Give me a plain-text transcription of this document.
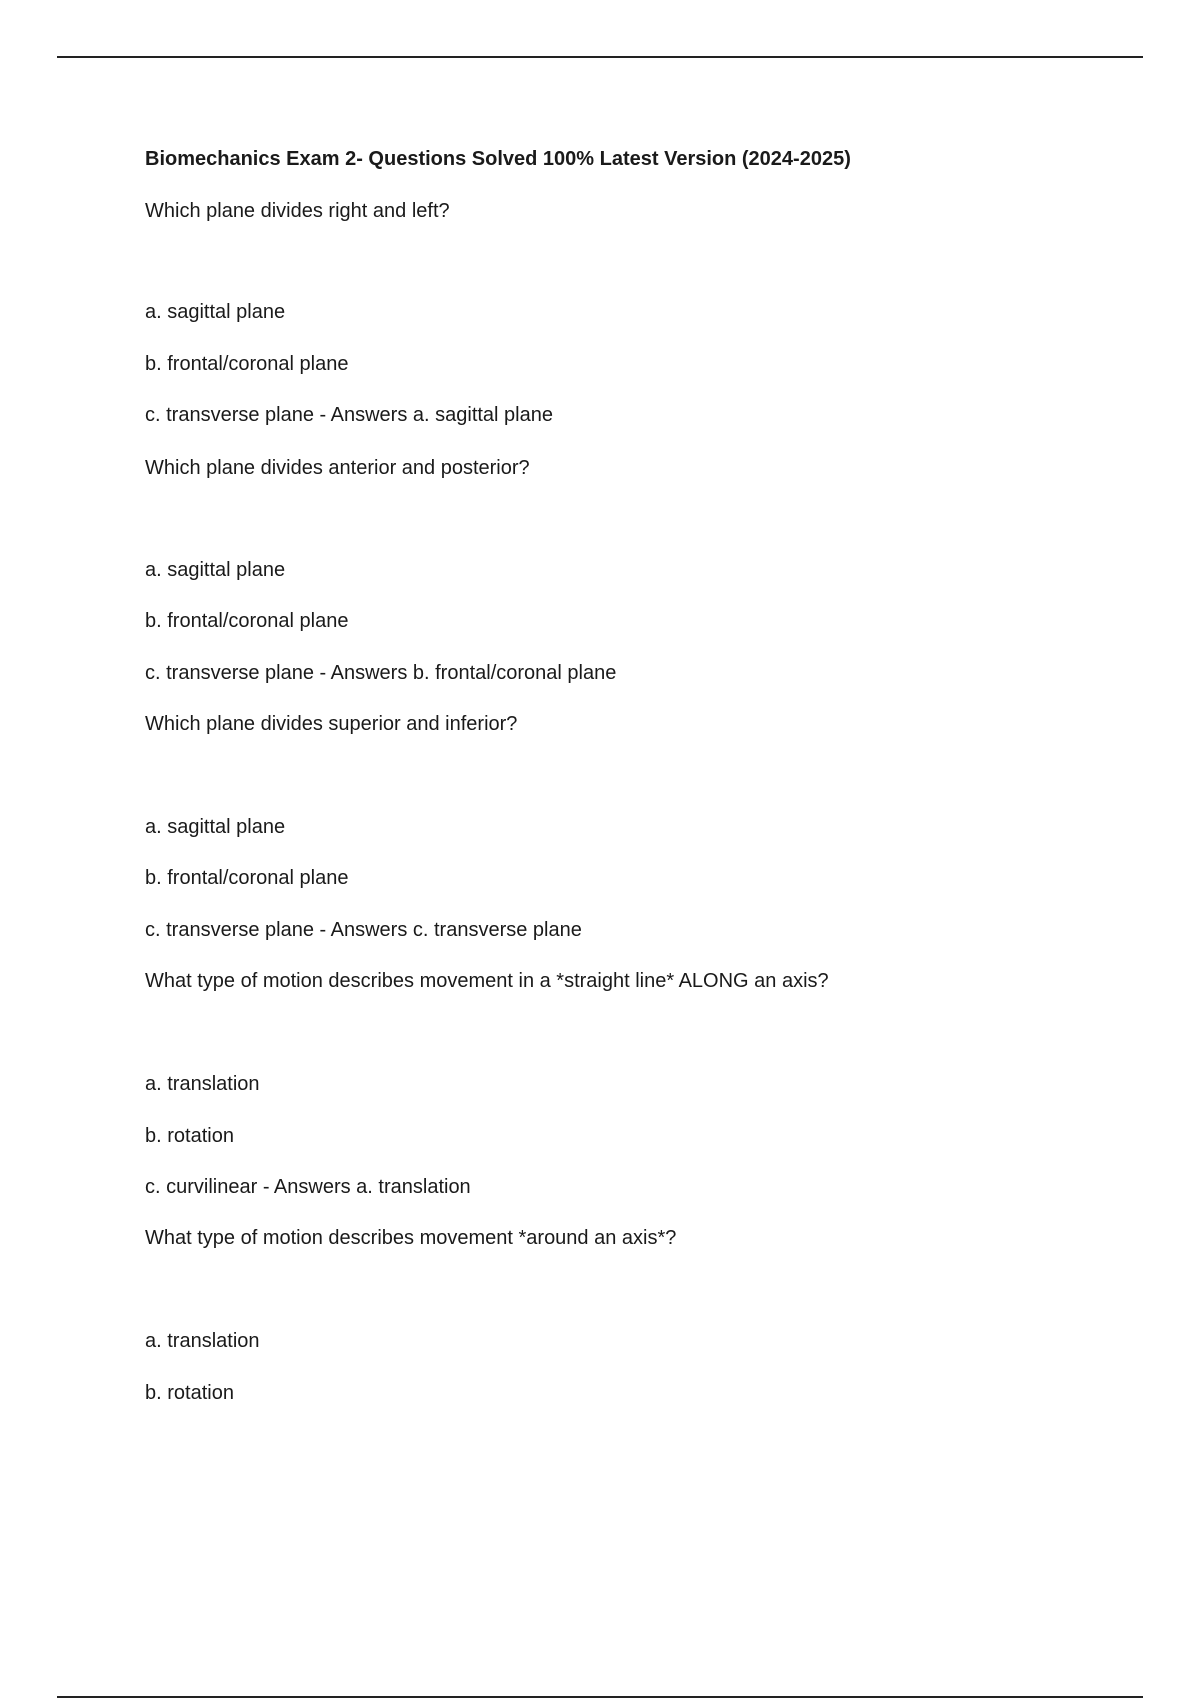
Biomechanics Exam 2- Questions Solved 100% Latest Version (2024-2025)
Which plane divides right and left?
a. sagittal plane
b. frontal/coronal plane
c. transverse plane - Answers a. sagittal plane
Which plane divides anterior and posterior?
a. sagittal plane
b. frontal/coronal plane
c. transverse plane - Answers b. frontal/coronal plane
Which plane divides superior and inferior?
a. sagittal plane
b. frontal/coronal plane
c. transverse plane - Answers c. transverse plane
What type of motion describes movement in a *straight line* ALONG an axis?
a. translation
b. rotation
c. curvilinear - Answers a. translation
What type of motion describes movement *around an axis*?
a. translation
b. rotation
